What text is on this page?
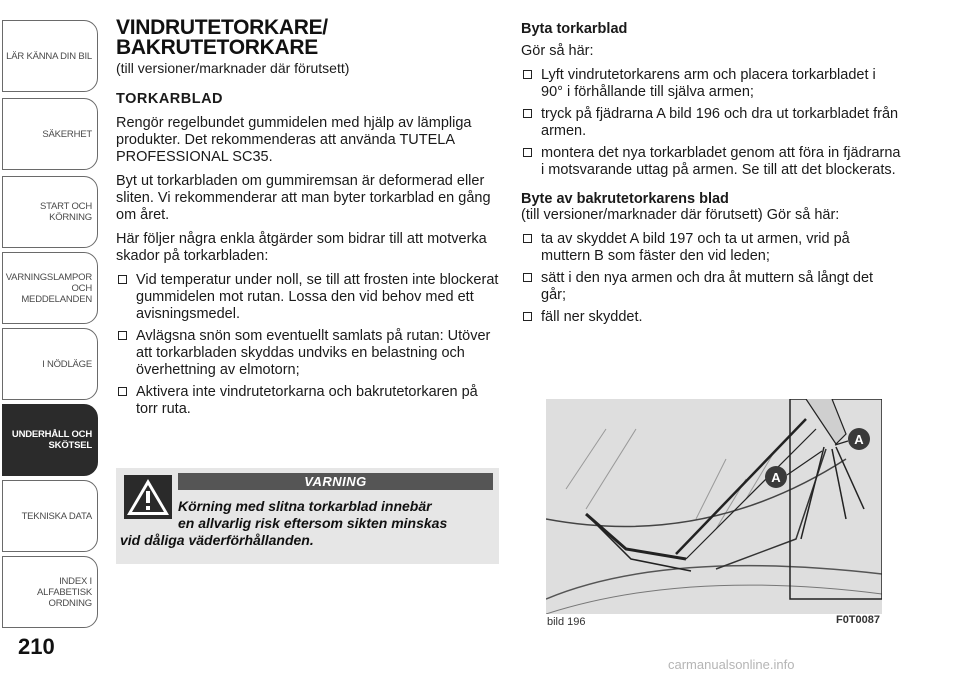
LÄR KÄNNA DIN BIL
SÄKERHET
START OCH
KÖRNING
VARNINGSLAMPOR
OCH
MEDDELANDEN
I NÖDLÄGE
UNDERHÅLL OCH
SKÖTSEL
TEKNISKA DATA
INDEX I ALFABETISK
ORDNING
210
VINDRUTETORKARE/
BAKRUTETORKARE
(till versioner/marknader där förutsett)
TORKARBLAD

Rengör regelbundet gummidelen med hjälp av lämpliga produkter. Det rekommenderas att använda TUTELA PROFESSIONAL SC35.

Byt ut torkarbladen om gummiremsan är deformerad eller sliten. Vi rekommenderar att man byter torkarblad en gång om året.

Här följer några enkla åtgärder som bidrar till att motverka skador på torkarbladen:

Vid temperatur under noll, se till att frosten inte blockerat gummidelen mot rutan. Lossa den vid behov med ett avisningsmedel.
Avlägsna snön som eventuellt samlats på rutan: Utöver att torkarbladen skyddas undviks en belastning och överhettning av elmotorn;
Aktivera inte vindrutetorkarna och bakrutetorkaren på torr ruta.
VARNING
Körning med slitna torkarblad innebär
en allvarlig risk eftersom sikten minskas
vid dåliga väderförhållanden.
Byta torkarblad

Gör så här:

Lyft vindrutetorkarens arm och placera torkarbladet i 90° i förhållande till själva armen;
tryck på fjädrarna A bild 196 och dra ut torkarbladet från armen.
montera det nya torkarbladet genom att föra in fjädrarna i motsvarande uttag på armen. Se till att det blockerats.
Byte av bakrutetorkarens blad

(till versioner/marknader där förutsett) Gör så här:

ta av skyddet A bild 197 och ta ut armen, vrid på muttern B som fäster den vid leden;
sätt i den nya armen och dra åt muttern så långt det går;
fäll ner skyddet.
A
A
bild 196	F0T0087
carmanualsonline.info
